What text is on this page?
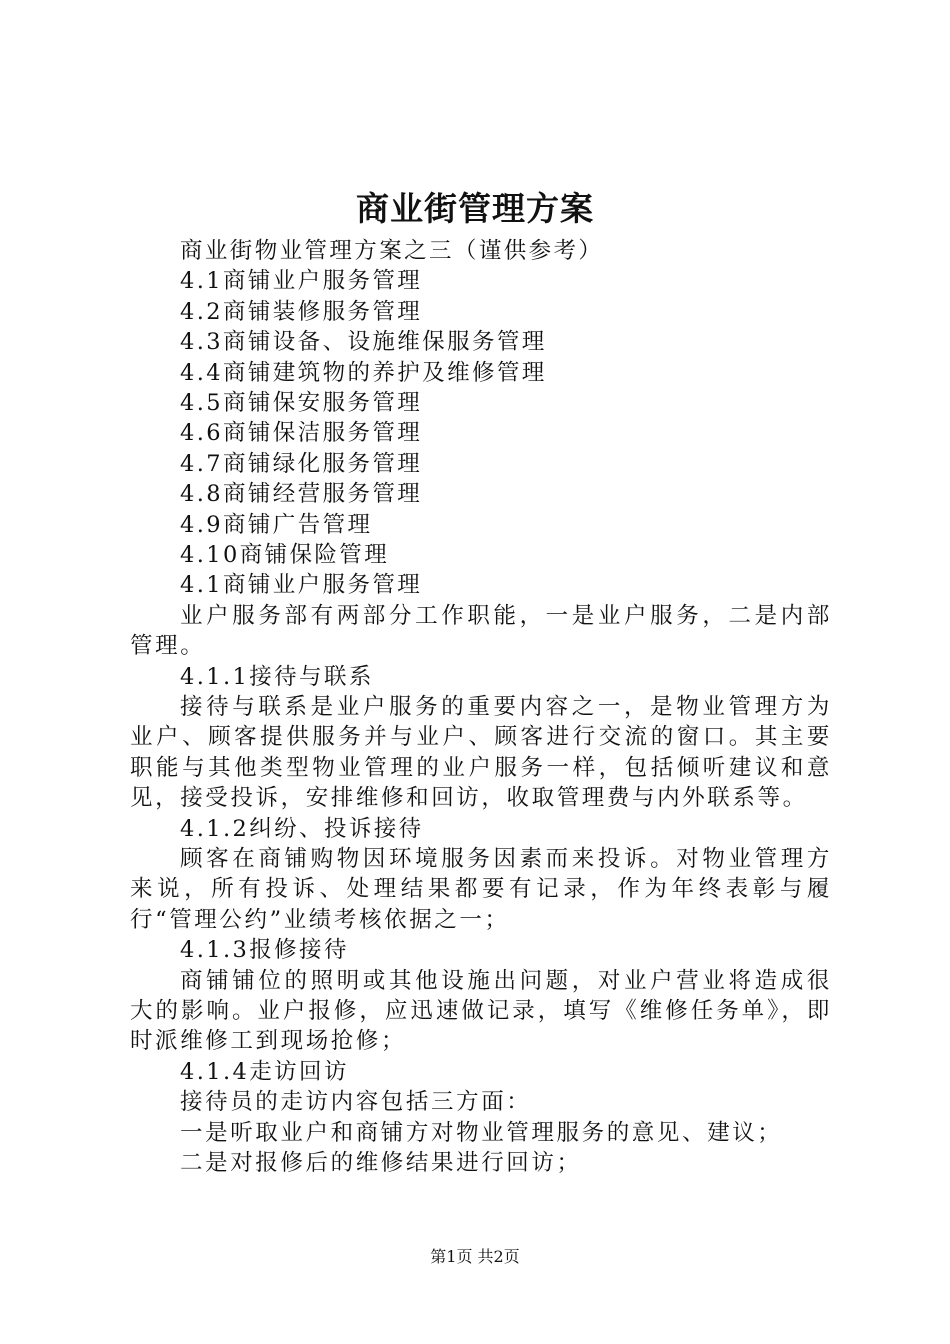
商业街管理方案
商业街物业管理方案之三（谨供参考）
4.1商铺业户服务管理
4.2商铺装修服务管理
4.3商铺设备、设施维保服务管理
4.4商铺建筑物的养护及维修管理
4.5商铺保安服务管理
4.6商铺保洁服务管理
4.7商铺绿化服务管理
4.8商铺经营服务管理
4.9商铺广告管理
4.10商铺保险管理
4.1商铺业户服务管理
业户服务部有两部分工作职能，一是业户服务，二是内部管理。
4.1.1接待与联系
接待与联系是业户服务的重要内容之一，是物业管理方为业户、顾客提供服务并与业户、顾客进行交流的窗口。其主要职能与其他类型物业管理的业户服务一样，包括倾听建议和意见，接受投诉，安排维修和回访，收取管理费与内外联系等。
4.1.2纠纷、投诉接待
顾客在商铺购物因环境服务因素而来投诉。对物业管理方来说，所有投诉、处理结果都要有记录，作为年终表彰与履行“管理公约”业绩考核依据之一；
4.1.3报修接待
商铺铺位的照明或其他设施出问题，对业户营业将造成很大的影响。业户报修，应迅速做记录，填写《维修任务单》，即时派维修工到现场抢修；
4.1.4走访回访
接待员的走访内容包括三方面：
一是听取业户和商铺方对物业管理服务的意见、建议；
二是对报修后的维修结果进行回访；
第1页 共2页
